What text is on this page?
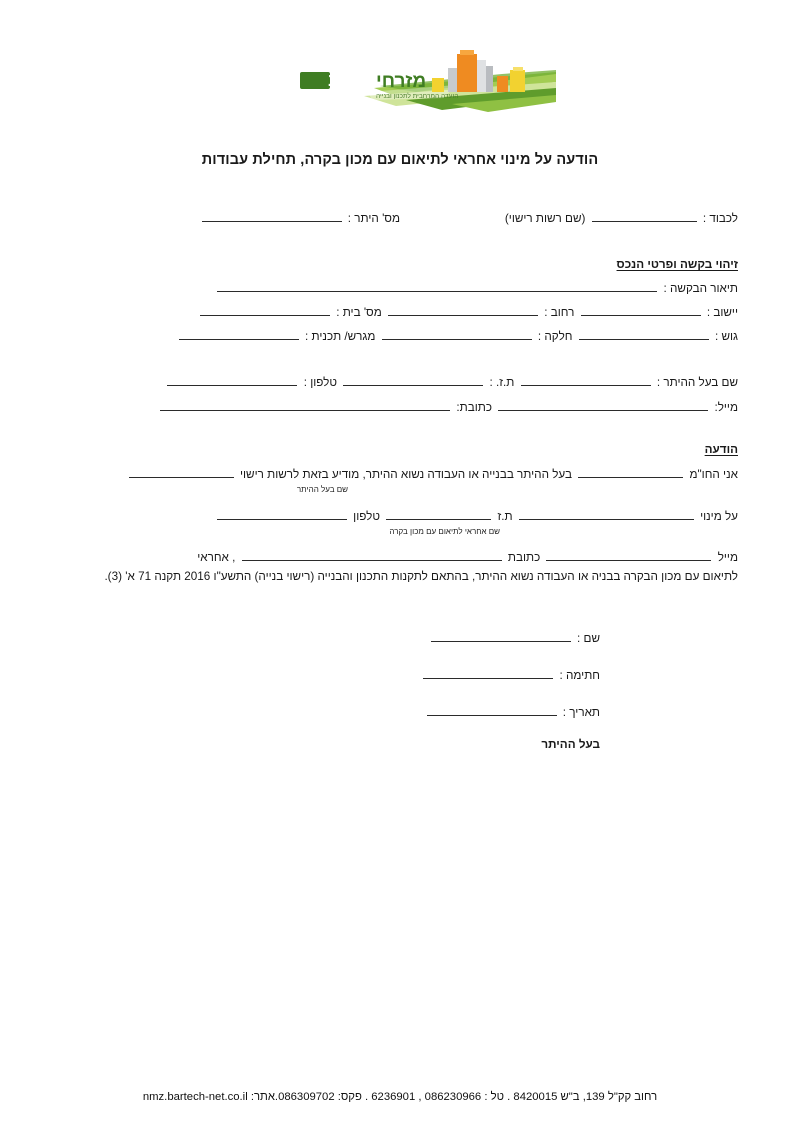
מזרחי
נגב
הועדה המרחבית לתכנון ובנייה
הודעה על מינוי אחראי לתיאום עם מכון בקרה, תחילת עבודות
לכבוד :  (שם רשות רישוי)
מס' היתר :
זיהוי בקשה ופרטי הנכס
תיאור הבקשה :
יישוב :  רחוב :  מס' בית :
גוש :  חלקה :  מגרש/ תכנית :
שם בעל ההיתר :  ת.ז. :  טלפון :
מייל:  כתובת:
הודעה
אני החו"מ  בעל ההיתר בבנייה או העבודה נשוא ההיתר, מודיע בזאת לרשות רישוי
שם בעל ההיתר
על מינוי  ת.ז  טלפון
שם אחראי לתיאום עם מכון בקרה
מייל  כתובת  , אחראי
לתיאום עם מכון הבקרה בבניה או העבודה נשוא ההיתר, בהתאם לתקנות התכנון והבנייה (רישוי בנייה) התשע"ו 2016 תקנה 71 א' (3).
שם :
חתימה :
תאריך :
בעל ההיתר
רחוב קק"ל 139, ב"ש 8420015 . טל : 086230966 , 6236901 . פקס: 086309702.אתר: nmz.bartech-net.co.il
